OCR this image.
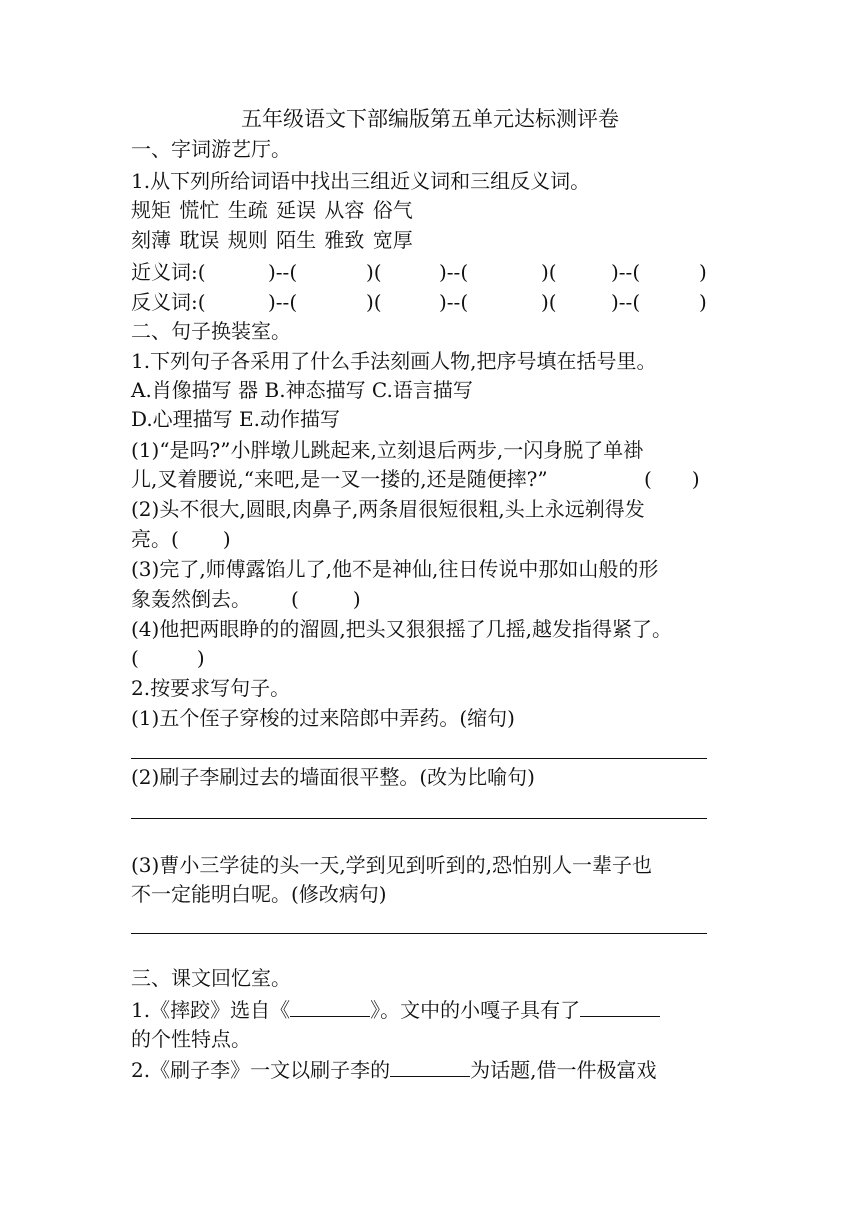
五年级语文下部编版第五单元达标测评卷
一、字词游艺厅。
1.从下列所给词语中找出三组近义词和三组反义词。
规矩 慌忙 生疏 延误 从容 俗气
刻薄 耽误 规则 陌生 雅致 宽厚
近义词:(	)--(	)(	)--(	)(	)--(	)
反义词:(	)--(	)(	)--(	)(	)--(	)
二、句子换装室。
1.下列句子各采用了什么手法刻画人物,把序号填在括号里。
A.肖像描写 器 B.神态描写 C.语言描写
D.心理描写 E.动作描写
(1)“是吗?”小胖墩儿跳起来,立刻退后两步,一闪身脱了单褂
儿,叉着腰说,“来吧,是一叉一搂的,还是随便摔?”	( )
(2)头不很大,圆眼,肉鼻子,两条眉很短很粗,头上永远剃得发
亮。( )
(3)完了,师傅露馅儿了,他不是神仙,往日传说中那如山般的形
象轰然倒去。 (	)
(4)他把两眼睁的的溜圆,把头又狠狠摇了几摇,越发指得紧了。
(	)
2.按要求写句子。
(1)五个侄子穿梭的过来陪郎中弄药。(缩句)
(2)刷子李刷过去的墙面很平整。(改为比喻句)
(3)曹小三学徒的头一天,学到见到听到的,恐怕别人一辈子也
不一定能明白呢。(修改病句)
三、课文回忆室。
1.《摔跤》选自《	》。文中的小嘎子具有了
的个性特点。
2.《刷子李》一文以刷子李的	为话题,借一件极富戏
